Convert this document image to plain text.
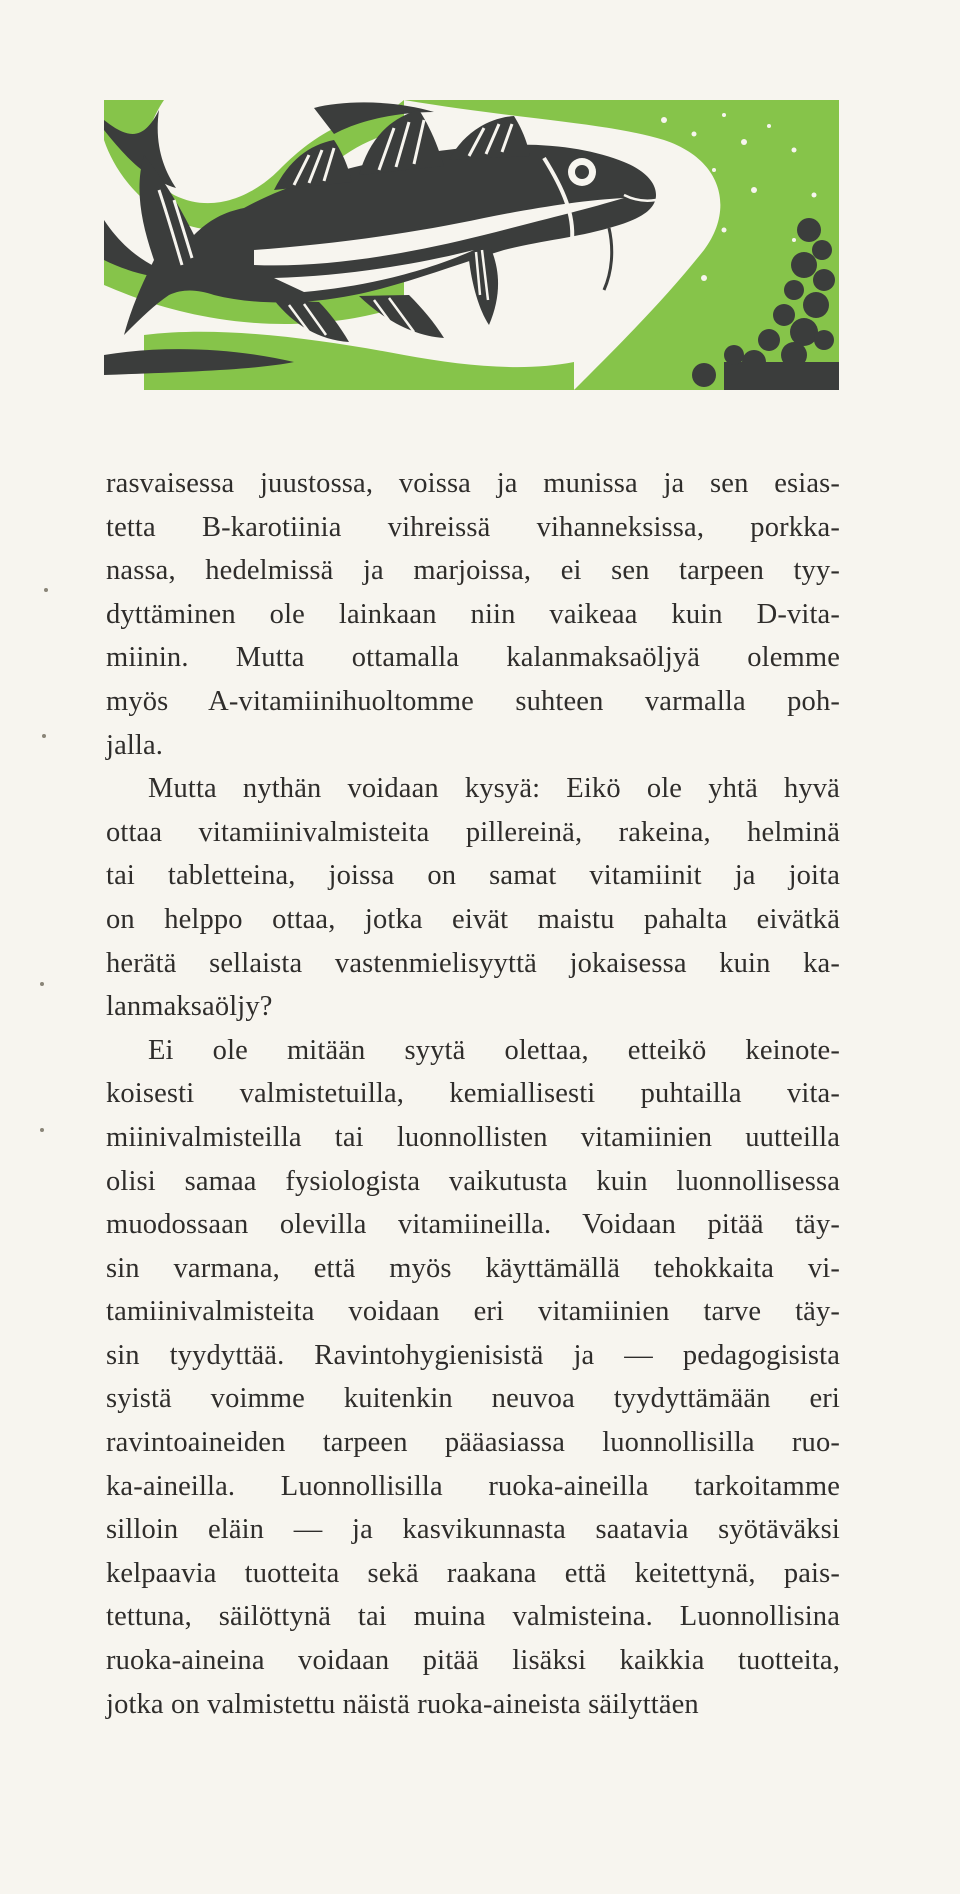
rasvaisessa juustossa, voissa ja munissa ja sen esias-
tetta B-karotiinia vihreissä vihanneksissa, porkka-
nassa, hedelmissä ja marjoissa, ei sen tarpeen tyy-
dyttäminen ole lainkaan niin vaikeaa kuin D-vita-
miinin. Mutta ottamalla kalanmaksaöljyä olemme
myös A-vitamiinihuoltomme suhteen varmalla poh-
jalla.
Mutta nythän voidaan kysyä: Eikö ole yhtä hyvä
ottaa vitamiinivalmisteita pillereinä, rakeina, helminä
tai tabletteina, joissa on samat vitamiinit ja joita
on helppo ottaa, jotka eivät maistu pahalta eivätkä
herätä sellaista vastenmielisyyttä jokaisessa kuin ka-
lanmaksaöljy?
Ei ole mitään syytä olettaa, etteikö keinote-
koisesti valmistetuilla, kemiallisesti puhtailla vita-
miinivalmisteilla tai luonnollisten vitamiinien uutteilla
olisi samaa fysiologista vaikutusta kuin luonnollisessa
muodossaan olevilla vitamiineilla. Voidaan pitää täy-
sin varmana, että myös käyttämällä tehokkaita vi-
tamiinivalmisteita voidaan eri vitamiinien tarve täy-
sin tyydyttää. Ravintohygienisistä ja — pedagogisista
syistä voimme kuitenkin neuvoa tyydyttämään eri
ravintoaineiden tarpeen pääasiassa luonnollisilla ruo-
ka-aineilla. Luonnollisilla ruoka-aineilla tarkoitamme
silloin eläin — ja kasvikunnasta saatavia syötäväksi
kelpaavia tuotteita sekä raakana että keitettynä, pais-
tettuna, säilöttynä tai muina valmisteina. Luonnollisina
ruoka-aineina voidaan pitää lisäksi kaikkia tuotteita,
jotka on valmistettu näistä ruoka-aineista säilyttäen
